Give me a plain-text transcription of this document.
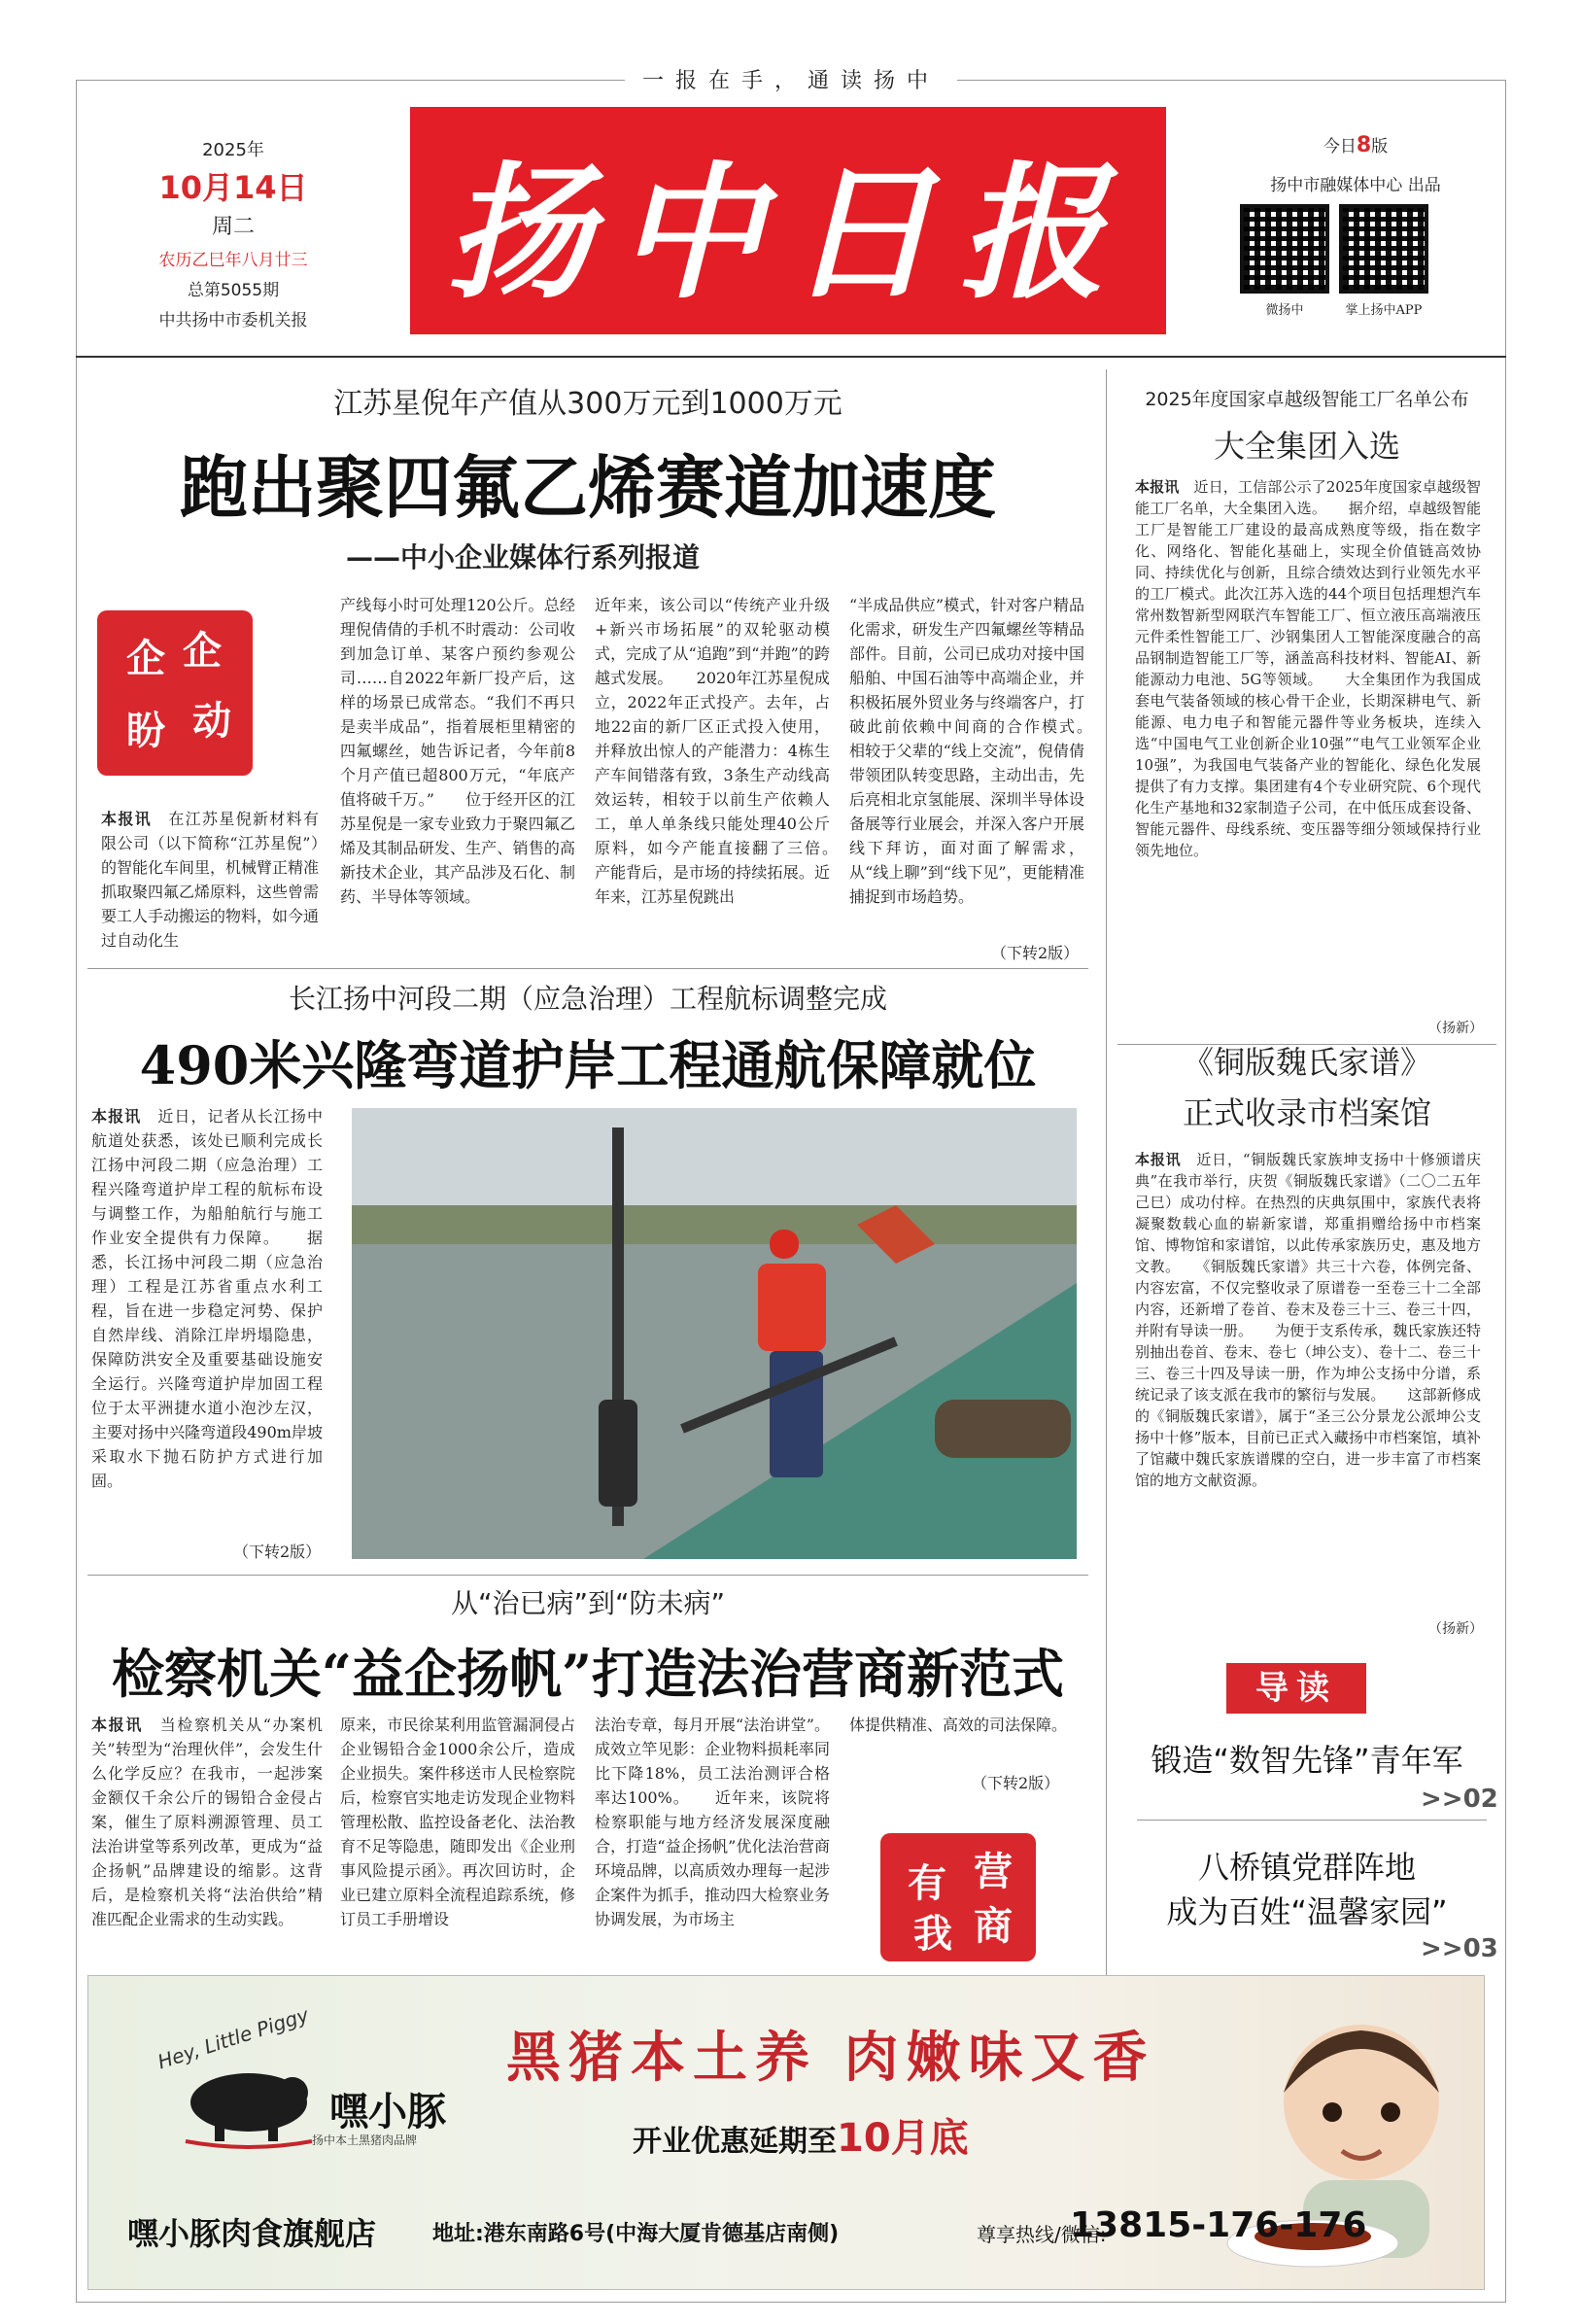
一报在手，通读扬中
2025年
10月14日
周二
农历乙巳年八月廿三
总第5055期
中共扬中市委机关报
扬中日报
今日8版
扬中市融媒体中心 出品
微扬中	掌上扬中APP
江苏星倪年产值从300万元到1000万元
跑出聚四氟乙烯赛道加速度
——中小企业媒体行系列报道
企 企
动
盼
本报讯　 在江苏星倪新材料有限公司（以下简称“江苏星倪”）的智能化车间里，机械臂正精准抓取聚四氟乙烯原料，这些曾需要工人手动搬运的物料，如今通过自动化生
产线每小时可处理120公斤。总经理倪倩倩的手机不时震动：公司收到加急订单、某客户预约参观公司……自2022年新厂投产后，这样的场景已成常态。“我们不再只是卖半成品”，指着展柜里精密的四氟螺丝，她告诉记者，今年前8个月产值已超800万元，“年底产值将破千万。”　　位于经开区的江苏星倪是一家专业致力于聚四氟乙烯及其制品研发、生产、销售的高新技术企业，其产品涉及石化、制药、半导体等领域。
近年来，该公司以“传统产业升级+新兴市场拓展”的双轮驱动模式，完成了从“追跑”到“并跑”的跨越式发展。　　2020年江苏星倪成立，2022年正式投产。去年，占地22亩的新厂区正式投入使用，并释放出惊人的产能潜力：4栋生产车间错落有致，3条生产动线高效运转，相较于以前生产依赖人工，单人单条线只能处理40公斤原料，如今产能直接翻了三倍。　　产能背后，是市场的持续拓展。近年来，江苏星倪跳出
“半成品供应”模式，针对客户精品化需求，研发生产四氟螺丝等精品部件。目前，公司已成功对接中国船舶、中国石油等中高端企业，并积极拓展外贸业务与终端客户，打破此前依赖中间商的合作模式。　　相较于父辈的“线上交流”，倪倩倩带领团队转变思路，主动出击，先后亮相北京氢能展、深圳半导体设备展等行业展会，并深入客户开展线下拜访，面对面了解需求，从“线上聊”到“线下见”，更能精准捕捉到市场趋势。
（下转2版）
长江扬中河段二期（应急治理）工程航标调整完成
490米兴隆弯道护岸工程通航保障就位
本报讯　 近日，记者从长江扬中航道处获悉，该处已顺利完成长江扬中河段二期（应急治理）工程兴隆弯道护岸工程的航标布设与调整工作，为船舶航行与施工作业安全提供有力保障。　　据悉，长江扬中河段二期（应急治理）工程是江苏省重点水利工程，旨在进一步稳定河势、保护自然岸线、消除江岸坍塌隐患，保障防洪安全及重要基础设施安全运行。兴隆弯道护岸加固工程位于太平洲捷水道小泡沙左汉，主要对扬中兴隆弯道段490m岸坡采取水下抛石防护方式进行加固。
（下转2版）
从“治已病”到“防未病”
检察机关“益企扬帆”打造法治营商新范式
本报讯　 当检察机关从“办案机关”转型为“治理伙伴”，会发生什么化学反应？在我市，一起涉案金额仅千余公斤的锡铅合金侵占案，催生了原料溯源管理、员工法治讲堂等系列改革，更成为“益企扬帆”品牌建设的缩影。这背后，是检察机关将“法治供给”精准匹配企业需求的生动实践。
原来，市民徐某利用监管漏洞侵占企业锡铅合金1000余公斤，造成企业损失。案件移送市人民检察院后，检察官实地走访发现企业物料管理松散、监控设备老化、法治教育不足等隐患，随即发出《企业刑事风险提示函》。再次回访时，企业已建立原料全流程追踪系统，修订员工手册增设
法治专章，每月开展“法治讲堂”。成效立竿见影：企业物料损耗率同比下降18%，员工法治测评合格率达100%。　　近年来，该院将检察职能与地方经济发展深度融合，打造“益企扬帆”优化法治营商环境品牌，以高质效办理每一起涉企案件为抓手，推动四大检察业务协调发展，为市场主
体提供精准、高效的司法保障。
（下转2版）
有 营
我 商
2025年度国家卓越级智能工厂名单公布
大全集团入选
本报讯　 近日，工信部公示了2025年度国家卓越级智能工厂名单，大全集团入选。　　据介绍，卓越级智能工厂是智能工厂建设的最高成熟度等级，指在数字化、网络化、智能化基础上，实现全价值链高效协同、持续优化与创新，且综合绩效达到行业领先水平的工厂模式。此次江苏入选的44个项目包括理想汽车常州数智新型网联汽车智能工厂、恒立液压高端液压元件柔性智能工厂、沙钢集团人工智能深度融合的高品钢制造智能工厂等，涵盖高科技材料、智能AI、新能源动力电池、5G等领域。　　大全集团作为我国成套电气装备领域的核心骨干企业，长期深耕电气、新能源、电力电子和智能元器件等业务板块，连续入选“中国电气工业创新企业10强”“电气工业领军企业10强”，为我国电气装备产业的智能化、绿色化发展提供了有力支撑。集团建有4个专业研究院、6个现代化生产基地和32家制造子公司，在中低压成套设备、智能元器件、母线系统、变压器等细分领域保持行业领先地位。
（扬新）
《铜版魏氏家谱》
正式收录市档案馆
本报讯　 近日，“铜版魏氏家族坤支扬中十修颁谱庆典”在我市举行，庆贺《铜版魏氏家谱》（二〇二五年己巳）成功付梓。在热烈的庆典氛围中，家族代表将凝聚数载心血的崭新家谱，郑重捐赠给扬中市档案馆、博物馆和家谱馆，以此传承家族历史，惠及地方文教。　　《铜版魏氏家谱》共三十六卷，体例完备、内容宏富，不仅完整收录了原谱卷一至卷三十二全部内容，还新增了卷首、卷末及卷三十三、卷三十四，并附有导读一册。　　为便于支系传承，魏氏家族还特别抽出卷首、卷末、卷七（坤公支）、卷十二、卷三十三、卷三十四及导读一册，作为坤公支扬中分谱，系统记录了该支派在我市的繁衍与发展。　　这部新修成的《铜版魏氏家谱》，属于“圣三公分景龙公派坤公支扬中十修”版本，目前已正式入藏扬中市档案馆，填补了馆藏中魏氏家族谱牒的空白，进一步丰富了市档案馆的地方文献资源。
（扬新）
导读
锻造“数智先锋”青年军
>>02
八桥镇党群阵地
成为百姓“温馨家园”
>>03
Hey, Little Piggy
嘿小豚
扬中本土黑猪肉品牌
黑猪本土养 肉嫩味又香
开业优惠延期至10月底
嘿小豚肉食旗舰店	地址:港东南路6号(中海大厦肯德基店南侧)	尊享热线/微信:
13815-176-176
